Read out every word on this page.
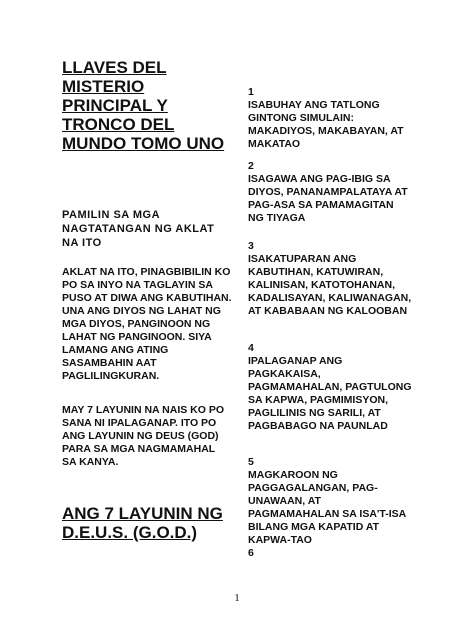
LLAVES DEL MISTERIO PRINCIPAL Y TRONCO DEL MUNDO TOMO UNO
PAMILIN SA MGA NAGTATANGAN NG AKLAT NA ITO
AKLAT NA ITO, PINAGBIBILIN KO PO SA INYO NA TAGLAYIN SA PUSO AT DIWA ANG KABUTIHAN. UNA ANG DIYOS NG LAHAT NG MGA DIYOS, PANGINOON NG LAHAT NG PANGINOON. SIYA LAMANG ANG ATING SASAMBAHIN AAT PAGLILINGKURAN.
MAY 7 LAYUNIN NA NAIS KO PO SANA NI IPALAGANAP. ITO PO ANG LAYUNIN NG DEUS (GOD) PARA SA MGA NAGMAMAHAL SA KANYA.
ANG 7 LAYUNIN NG D.E.U.S. (G.O.D.)
1
ISABUHAY ANG TATLONG GINTONG SIMULAIN: MAKADIYOS, MAKABAYAN, AT MAKATAO
2
ISAGAWA ANG PAG-IBIG SA DIYOS, PANANAMPALATAYA AT PAG-ASA SA PAMAMAGITAN NG TIYAGA
3
ISAKATUPARAN ANG KABUTIHAN, KATUWIRAN, KALINISAN, KATOTOHANAN, KADALISAYAN, KALIWANAGAN, AT KABABAAN NG KALOOBAN
4
IPALAGANAP ANG PAGKAKAISA, PAGMAMAHALAN, PAGTULONG SA KAPWA, PAGMIMISYON, PAGLILINIS NG SARILI, AT PAGBABAGO NA PAUNLAD
5
MAGKAROON NG PAGGAGALANGAN, PAG-UNAWAAN, AT PAGMAMAHALAN SA ISA'T-ISA BILANG MGA KAPATID AT KAPWA-TAO
6
1
